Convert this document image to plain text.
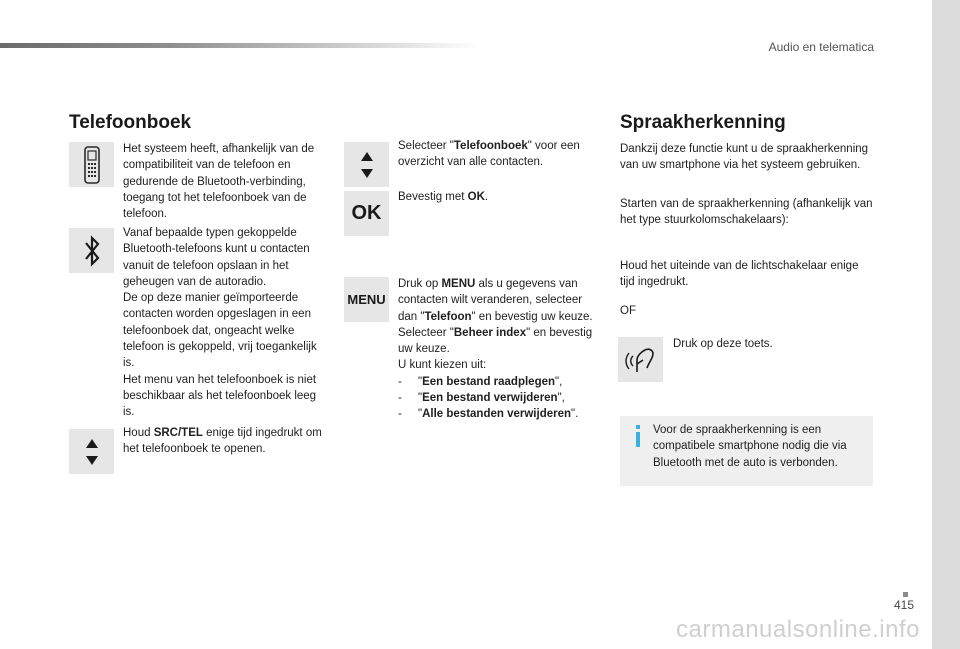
Audio en telematica
Telefoonboek
Het systeem heeft, afhankelijk van de compatibiliteit van de telefoon en gedurende de Bluetooth-verbinding, toegang tot het telefoonboek van de telefoon.

Vanaf bepaalde typen gekoppelde Bluetooth-telefoons kunt u contacten vanuit de telefoon opslaan in het geheugen van de autoradio.

De op deze manier geïmporteerde contacten worden opgeslagen in een telefoonboek dat, ongeacht welke telefoon is gekoppeld, vrij toegankelijk is.

Het menu van het telefoonboek is niet beschikbaar als het telefoonboek leeg is.

Houd SRC/TEL enige tijd ingedrukt om het telefoonboek te openen.
Selecteer "Telefoonboek" voor een overzicht van alle contacten.
OK
Bevestig met OK.
MENU

Druk op MENU als u gegevens van contacten wilt veranderen, selecteer dan "Telefoon" en bevestig uw keuze.

Selecteer "Beheer index" en bevestig uw keuze.

U kunt kiezen uit:

- "Een bestand raadplegen",

- "Een bestand verwijderen",

- "Alle bestanden verwijderen".

Spraakherkenning
Dankzij deze functie kunt u de spraakherkenning van uw smartphone via het systeem gebruiken.
Starten van de spraakherkenning (afhankelijk van het type stuurkolomschakelaars):
Houd het uiteinde van de lichtschakelaar enige tijd ingedrukt.
OF
Druk op deze toets.
Voor de spraakherkenning is een compatibele smartphone nodig die via Bluetooth met de auto is verbonden.
415
carmanualsonline.info
